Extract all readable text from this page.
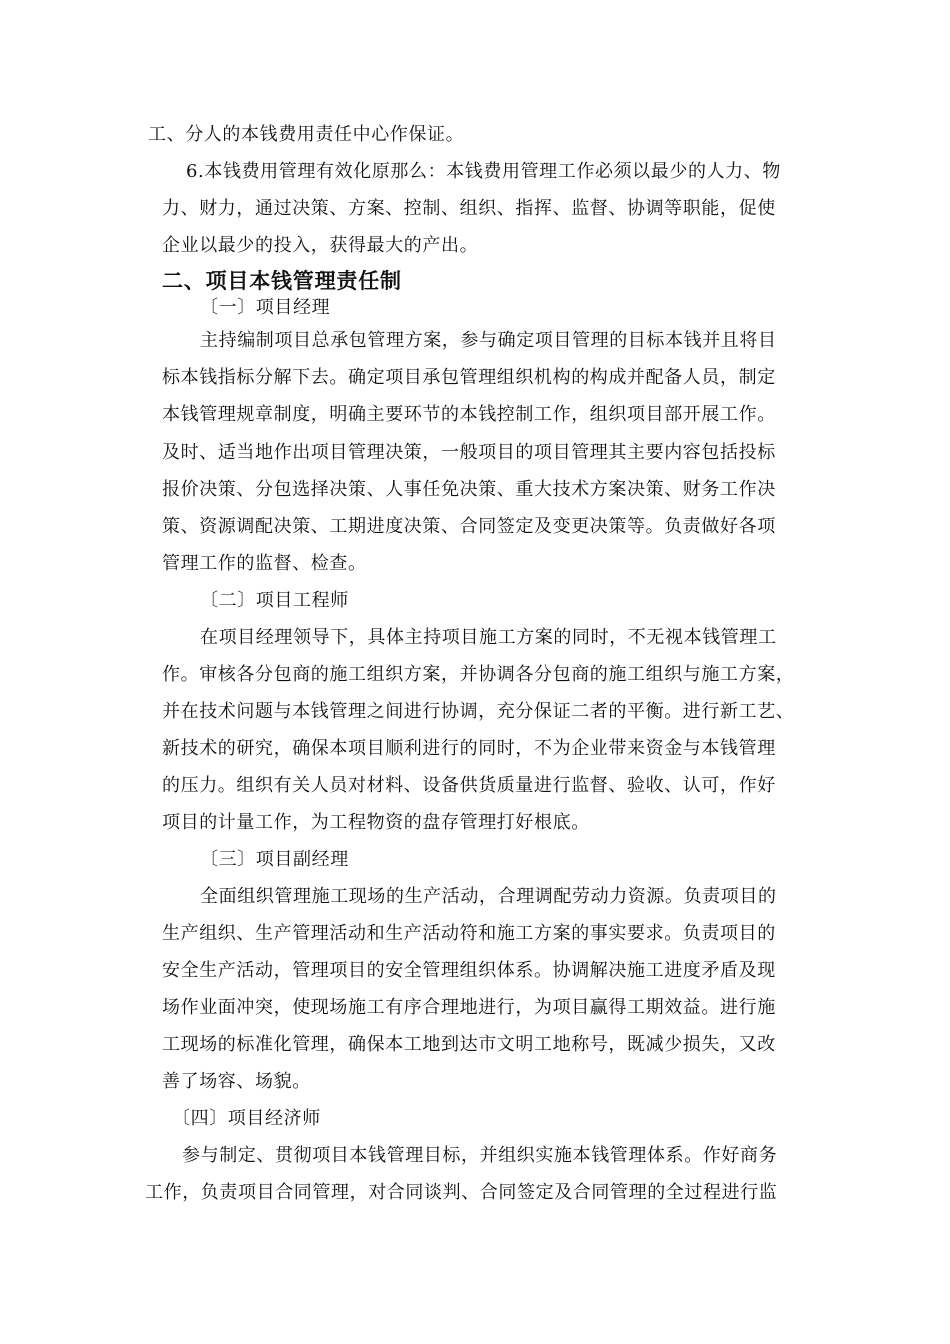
工、分人的本钱费用责任中心作保证。
6.本钱费用管理有效化原那么：本钱费用管理工作必须以最少的人力、物
力、财力，通过决策、方案、控制、组织、指挥、监督、协调等职能，促使
企业以最少的投入，获得最大的产出。
二、项目本钱管理责任制
〔一〕项目经理
主持编制项目总承包管理方案，参与确定项目管理的目标本钱并且将目
标本钱指标分解下去。确定项目承包管理组织机构的构成并配备人员，制定
本钱管理规章制度，明确主要环节的本钱控制工作，组织项目部开展工作。
及时、适当地作出项目管理决策，一般项目的项目管理其主要内容包括投标
报价决策、分包选择决策、人事任免决策、重大技术方案决策、财务工作决
策、资源调配决策、工期进度决策、合同签定及变更决策等。负责做好各项
管理工作的监督、检查。
〔二〕项目工程师
在项目经理领导下，具体主持项目施工方案的同时，不无视本钱管理工
作。审核各分包商的施工组织方案，并协调各分包商的施工组织与施工方案，
并在技术问题与本钱管理之间进行协调，充分保证二者的平衡。进行新工艺、
新技术的研究，确保本项目顺利进行的同时，不为企业带来资金与本钱管理
的压力。组织有关人员对材料、设备供货质量进行监督、验收、认可，作好
项目的计量工作，为工程物资的盘存管理打好根底。
〔三〕项目副经理
全面组织管理施工现场的生产活动，合理调配劳动力资源。负责项目的
生产组织、生产管理活动和生产活动符和施工方案的事实要求。负责项目的
安全生产活动，管理项目的安全管理组织体系。协调解决施工进度矛盾及现
场作业面冲突，使现场施工有序合理地进行，为项目赢得工期效益。进行施
工现场的标准化管理，确保本工地到达市文明工地称号，既减少损失，又改
善了场容、场貌。
〔四〕项目经济师
参与制定、贯彻项目本钱管理目标，并组织实施本钱管理体系。作好商务
工作，负责项目合同管理，对合同谈判、合同签定及合同管理的全过程进行监
